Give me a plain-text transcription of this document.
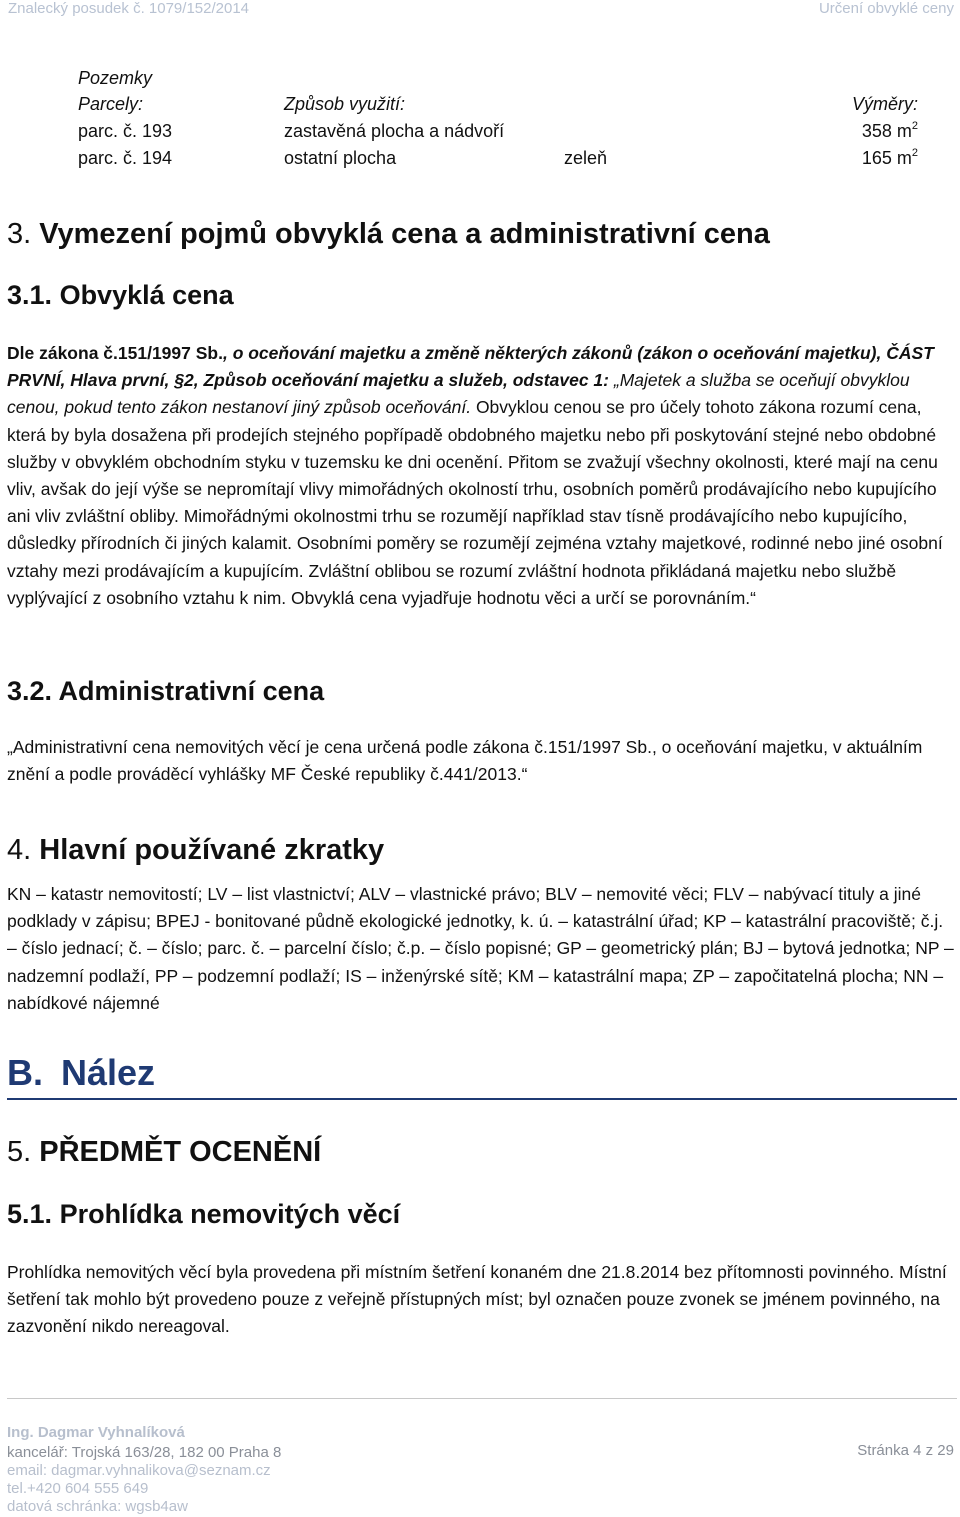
Znalecký posudek č. 1079/152/2014	Určení obvyklé ceny
Pozemky
Parcely:	Způsob využití:	Výměry:
parc. č. 193	zastavěná plocha a nádvoří	358 $m^2$
parc. č. 194	ostatní plocha	zeleň	165 $m^2$
3. Vymezení pojmů obvyklá cena a administrativní cena
3.1. Obvyklá cena
Dle zákona č.151/1997 Sb., o oceňování majetku a změně některých zákonů (zákon o oceňování majetku), ČÁST PRVNÍ, Hlava první, §2, Způsob oceňování majetku a služeb, odstavec 1: „Majetek a služba se oceňují obvyklou cenou, pokud tento zákon nestanoví jiný způsob oceňování. Obvyklou cenou se pro účely tohoto zákona rozumí cena, která by byla dosažena při prodejích stejného popřípadě obdobného majetku nebo při poskytování stejné nebo obdobné služby v obvyklém obchodním styku v tuzemsku ke dni ocenění. Přitom se zvažují všechny okolnosti, které mají na cenu vliv, avšak do její výše se nepromítají vlivy mimořádných okolností trhu, osobních poměrů prodávajícího nebo kupujícího ani vliv zvláštní obliby. Mimořádnými okolnostmi trhu se rozumějí například stav tísně prodávajícího nebo kupujícího, důsledky přírodních či jiných kalamit. Osobními poměry se rozumějí zejména vztahy majetkové, rodinné nebo jiné osobní vztahy mezi prodávajícím a kupujícím. Zvláštní oblibou se rozumí zvláštní hodnota přikládaná majetku nebo službě vyplývající z osobního vztahu k nim. Obvyklá cena vyjadřuje hodnotu věci a určí se porovnáním.“
3.2. Administrativní cena
„Administrativní cena nemovitých věcí je cena určená podle zákona č.151/1997 Sb., o oceňování majetku, v aktuálním znění a podle prováděcí vyhlášky MF České republiky č.441/2013.“
4. Hlavní používané zkratky
KN – katastr nemovitostí; LV – list vlastnictví; ALV – vlastnické právo; BLV – nemovité věci; FLV – nabývací tituly a jiné podklady v zápisu; BPEJ - bonitované půdně ekologické jednotky, k. ú. – katastrální úřad; KP – katastrální pracoviště; č.j. – číslo jednací; č. – číslo; parc. č. – parcelní číslo; č.p. – číslo popisné; GP – geometrický plán; BJ – bytová jednotka; NP – nadzemní podlaží, PP – podzemní podlaží; IS – inženýrské sítě; KM – katastrální mapa; ZP – započitatelná plocha; NN – nabídkové nájemné
B. Nález
5. PŘEDMĚT OCENĚNÍ
5.1. Prohlídka nemovitých věcí
Prohlídka nemovitých věcí byla provedena při místním šetření konaném dne 21.8.2014 bez přítomnosti povinného. Místní šetření tak mohlo být provedeno pouze z veřejně přístupných míst; byl označen pouze zvonek se jménem povinného, na zazvonění nikdo nereagoval.
Ing. Dagmar Vyhnalíková
kancelář: Trojská 163/28, 182 00 Praha 8
email: dagmar.vyhnalikova@seznam.cz
tel.+420 604 555 649
datová schránka: wgsb4aw
Stránka 4 z 29
